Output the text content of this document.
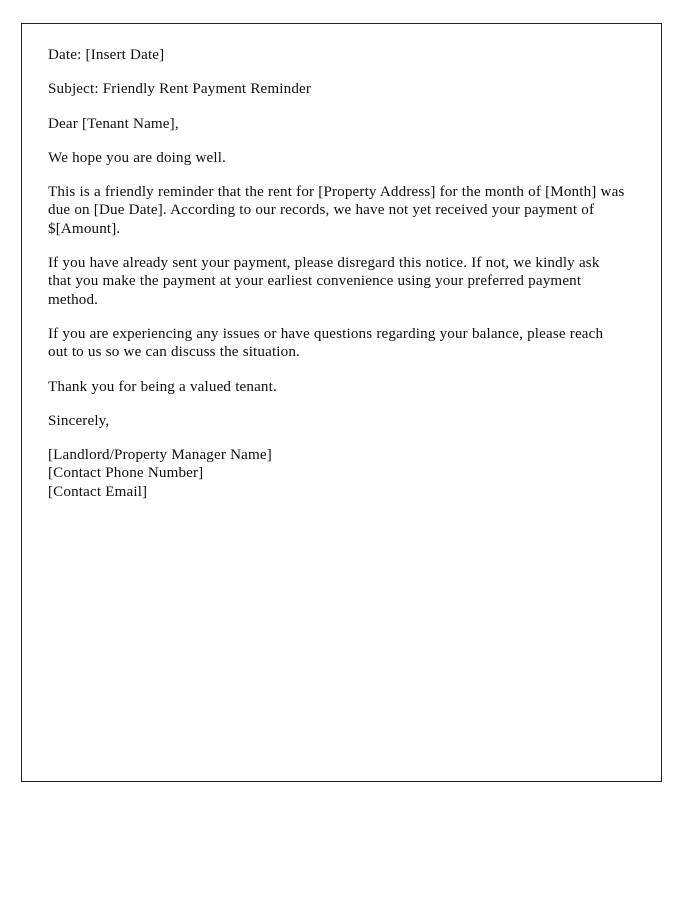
Date: [Insert Date]

Subject: Friendly Rent Payment Reminder

Dear [Tenant Name],

We hope you are doing well.

This is a friendly reminder that the rent for [Property Address] for the month of [Month] was due on [Due Date]. According to our records, we have not yet received your payment of $[Amount].

If you have already sent your payment, please disregard this notice. If not, we kindly ask that you make the payment at your earliest convenience using your preferred payment method.

If you are experiencing any issues or have questions regarding your balance, please reach out to us so we can discuss the situation.

Thank you for being a valued tenant.

Sincerely,

[Landlord/Property Manager Name]

[Contact Phone Number]

[Contact Email]
